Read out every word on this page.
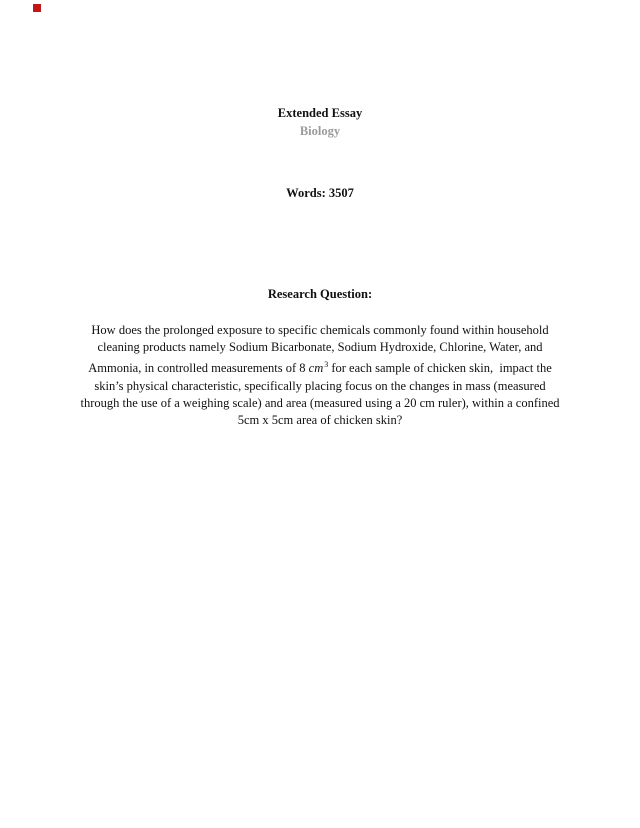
Extended Essay
Biology
Words: 3507
Research Question:
How does the prolonged exposure to specific chemicals commonly found within household
cleaning products namely Sodium Bicarbonate, Sodium Hydroxide, Chlorine, Water, and
Ammonia, in controlled measurements of 8 $cm^3$ for each sample of chicken skin,  impact the
skin’s physical characteristic, specifically placing focus on the changes in mass (measured
through the use of a weighing scale) and area (measured using a 20 cm ruler), within a confined
5cm x 5cm area of chicken skin?
